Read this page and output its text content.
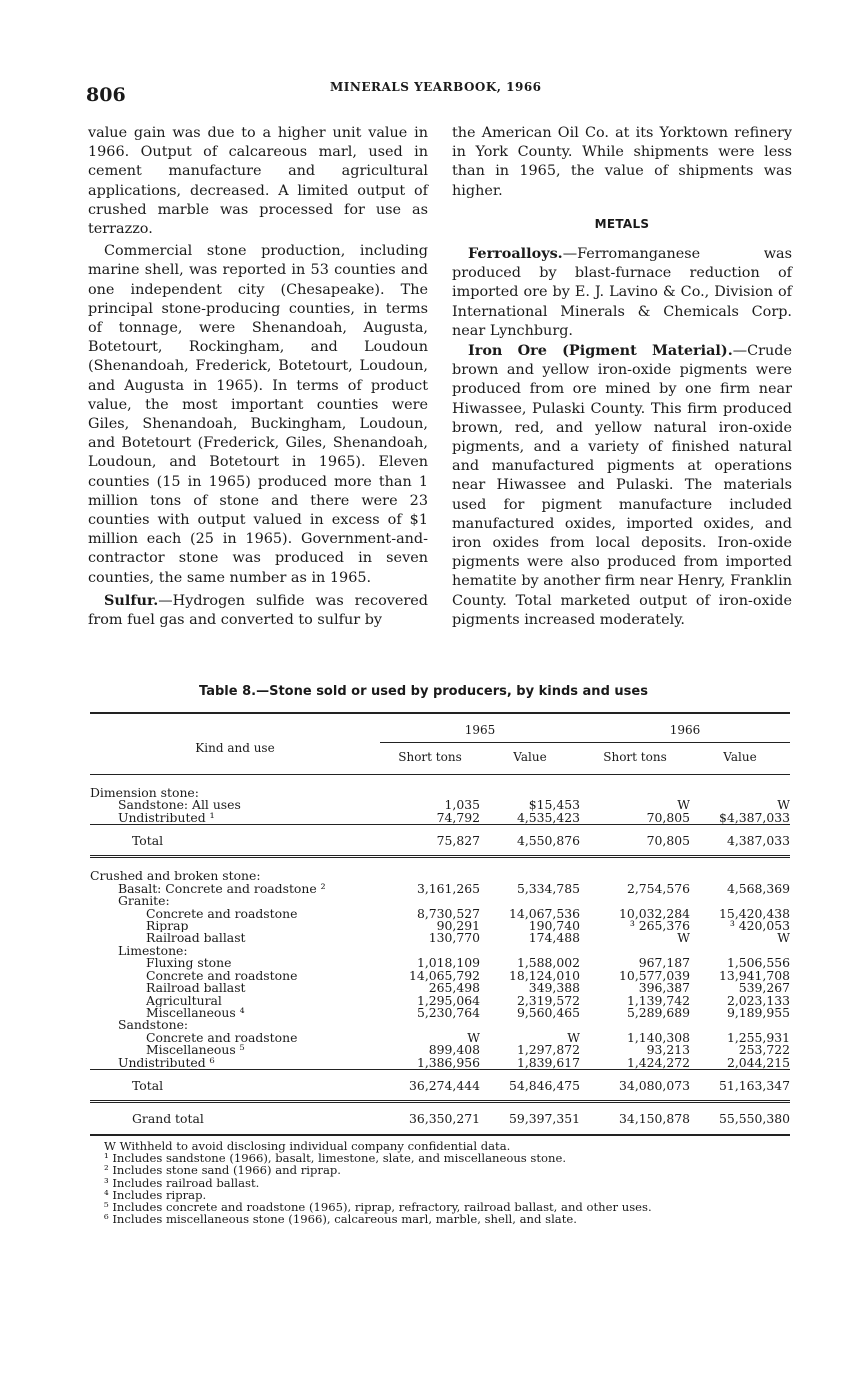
806	MINERALS YEARBOOK, 1966

value gain was due to a higher unit value in 1966. Output of calcareous marl, used in cement manufacture and agricultural applications, decreased. A limited output of crushed marble was processed for use as terrazzo.

Commercial stone production, including marine shell, was reported in 53 counties and one independent city (Chesapeake). The principal stone-producing counties, in terms of tonnage, were Shenandoah, Augusta, Botetourt, Rockingham, and Loudoun (Shenandoah, Frederick, Botetourt, Loudoun, and Augusta in 1965). In terms of product value, the most important counties were Giles, Shenandoah, Buckingham, Loudoun, and Botetourt (Frederick, Giles, Shenandoah, Loudoun, and Botetourt in 1965). Eleven counties (15 in 1965) produced more than 1 million tons of stone and there were 23 counties with output valued in excess of $1 million each (25 in 1965). Government-and-contractor stone was produced in seven counties, the same number as in 1965.

Sulfur.—Hydrogen sulfide was recovered from fuel gas and converted to sulfur by

the American Oil Co. at its Yorktown refinery in York County. While shipments were less than in 1965, the value of shipments was higher.

METALS

Ferroalloys.—Ferromanganese was produced by blast-furnace reduction of imported ore by E. J. Lavino & Co., Division of International Minerals & Chemicals Corp. near Lynchburg.

Iron Ore (Pigment Material).—Crude brown and yellow iron-oxide pigments were produced from ore mined by one firm near Hiwassee, Pulaski County. This firm produced brown, red, and yellow natural iron-oxide pigments, and a variety of finished natural and manufactured pigments at operations near Hiwassee and Pulaski. The materials used for pigment manufacture included manufactured oxides, imported oxides, and iron oxides from local deposits. Iron-oxide pigments were also produced from imported hematite by another firm near Henry, Franklin County. Total marketed output of iron-oxide pigments increased moderately.

Table 8.—Stone sold or used by producers, by kinds and uses
Kind and use	1965		1966	
	Short tons	Value	Short tons	Value
Dimension stone:				
Sandstone: All uses	1,035	$15,453	W	W
Undistributed ¹	74,792	4,535,423	70,805	$4,387,033
Total	75,827	4,550,876	70,805	4,387,033
Crushed and broken stone:				
Basalt: Concrete and roadstone ²	3,161,265	5,334,785	2,754,576	4,568,369
Granite:				
Concrete and roadstone	8,730,527	14,067,536	10,032,284	15,420,438
Riprap	90,291	190,740	³ 265,376	³ 420,053
Railroad ballast	130,770	174,488	W	W
Limestone:				
Fluxing stone	1,018,109	1,588,002	967,187	1,506,556
Concrete and roadstone	14,065,792	18,124,010	10,577,039	13,941,708
Railroad ballast	265,498	349,388	396,387	539,267
Agricultural	1,295,064	2,319,572	1,139,742	2,023,133
Miscellaneous ⁴	5,230,764	9,560,465	5,289,689	9,189,955
Sandstone:				
Concrete and roadstone	W	W	1,140,308	1,255,931
Miscellaneous ⁵	899,408	1,297,872	93,213	253,722
Undistributed ⁶	1,386,956	1,839,617	1,424,272	2,044,215
Total	36,274,444	54,846,475	34,080,073	51,163,347
Grand total	36,350,271	59,397,351	34,150,878	55,550,380
W Withheld to avoid disclosing individual company confidential data.
¹ Includes sandstone (1966), basalt, limestone, slate, and miscellaneous stone.
² Includes stone sand (1966) and riprap.
³ Includes railroad ballast.
⁴ Includes riprap.
⁵ Includes concrete and roadstone (1965), riprap, refractory, railroad ballast, and other uses.
⁶ Includes miscellaneous stone (1966), calcareous marl, marble, shell, and slate.
